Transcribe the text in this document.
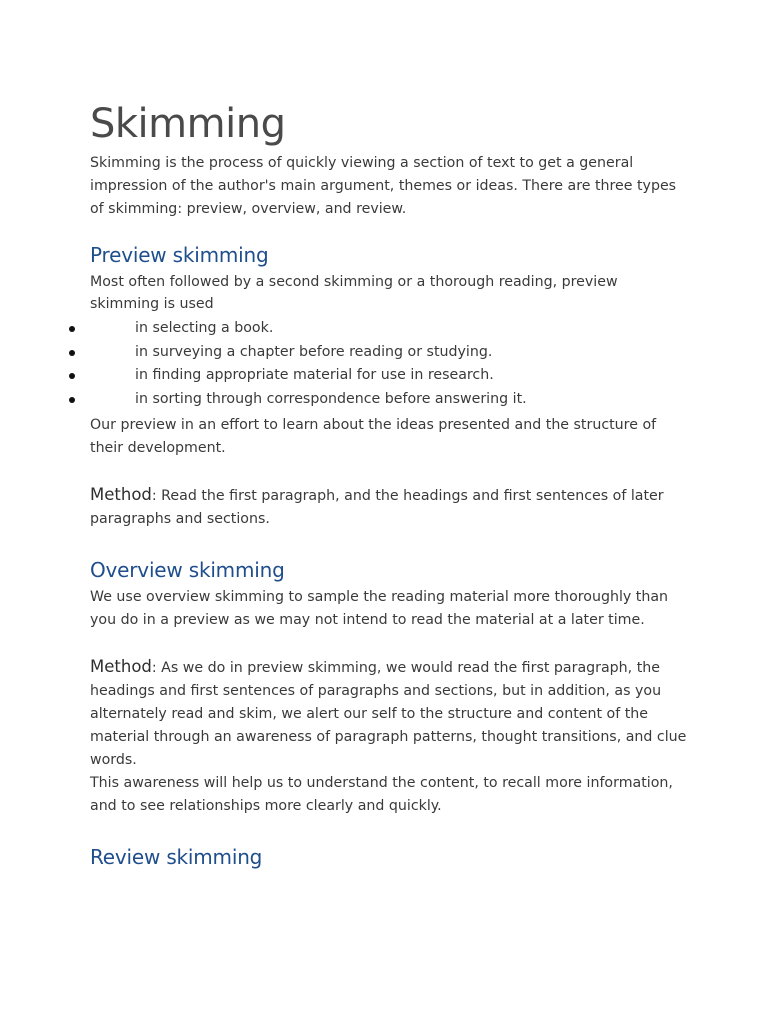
Skimming

Skimming is the process of quickly viewing a section of text to get a general impression of the author's main argument, themes or ideas. There are three types of skimming: preview, overview, and review.

Preview skimming

Most often followed by a second skimming or a thorough reading, preview skimming is used

in selecting a book.
in surveying a chapter before reading or studying.
in finding appropriate material for use in research.
in sorting through correspondence before answering it.

Our preview in an effort to learn about the ideas presented and the structure of their development.

Method: Read the first paragraph, and the headings and first sentences of later paragraphs and sections.

Overview skimming

We use overview skimming to sample the reading material more thoroughly than you do in a preview as we may not intend to read the material at a later time.

Method: As we do in preview skimming, we would read the first paragraph, the headings and first sentences of paragraphs and sections, but in addition, as you alternately read and skim, we alert our self to the structure and content of the material through an awareness of paragraph patterns, thought transitions, and clue words.

This awareness will help us to understand the content, to recall more information, and to see relationships more clearly and quickly.

Review skimming
